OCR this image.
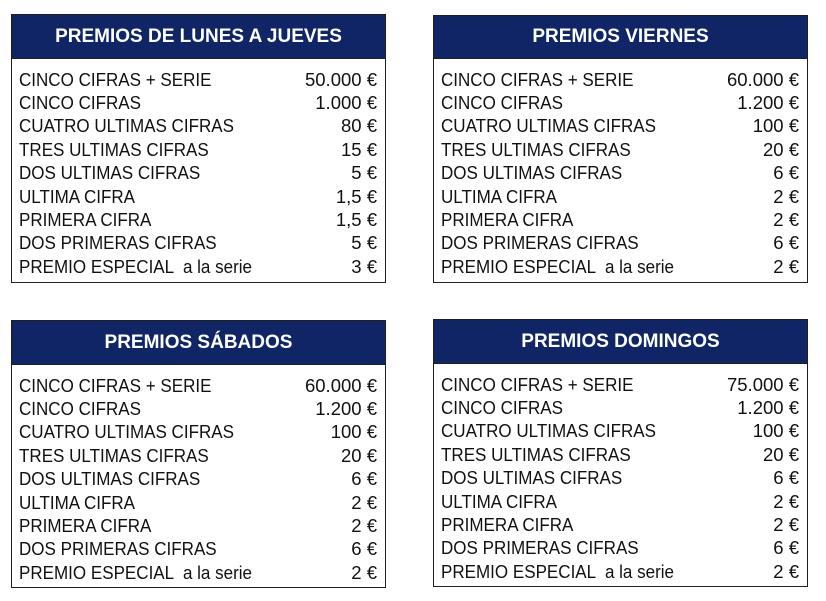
PREMIOS DE LUNES A JUEVES
CINCO CIFRAS + SERIE	50.000 €
CINCO CIFRAS	1.000 €
CUATRO ULTIMAS CIFRAS	80 €
TRES ULTIMAS CIFRAS	15 €
DOS ULTIMAS CIFRAS	5 €
ULTIMA CIFRA	1,5 €
PRIMERA CIFRA	1,5 €
DOS PRIMERAS CIFRAS	5 €
PREMIO ESPECIAL  a la serie	3 €
PREMIOS VIERNES
CINCO CIFRAS + SERIE	60.000 €
CINCO CIFRAS	1.200 €
CUATRO ULTIMAS CIFRAS	100 €
TRES ULTIMAS CIFRAS	20 €
DOS ULTIMAS CIFRAS	6 €
ULTIMA CIFRA	2 €
PRIMERA CIFRA	2 €
DOS PRIMERAS CIFRAS	6 €
PREMIO ESPECIAL  a la serie	2 €
PREMIOS SÁBADOS
CINCO CIFRAS + SERIE	60.000 €
CINCO CIFRAS	1.200 €
CUATRO ULTIMAS CIFRAS	100 €
TRES ULTIMAS CIFRAS	20 €
DOS ULTIMAS CIFRAS	6 €
ULTIMA CIFRA	2 €
PRIMERA CIFRA	2 €
DOS PRIMERAS CIFRAS	6 €
PREMIO ESPECIAL  a la serie	2 €
PREMIOS DOMINGOS
CINCO CIFRAS + SERIE	75.000 €
CINCO CIFRAS	1.200 €
CUATRO ULTIMAS CIFRAS	100 €
TRES ULTIMAS CIFRAS	20 €
DOS ULTIMAS CIFRAS	6 €
ULTIMA CIFRA	2 €
PRIMERA CIFRA	2 €
DOS PRIMERAS CIFRAS	6 €
PREMIO ESPECIAL  a la serie	2 €
